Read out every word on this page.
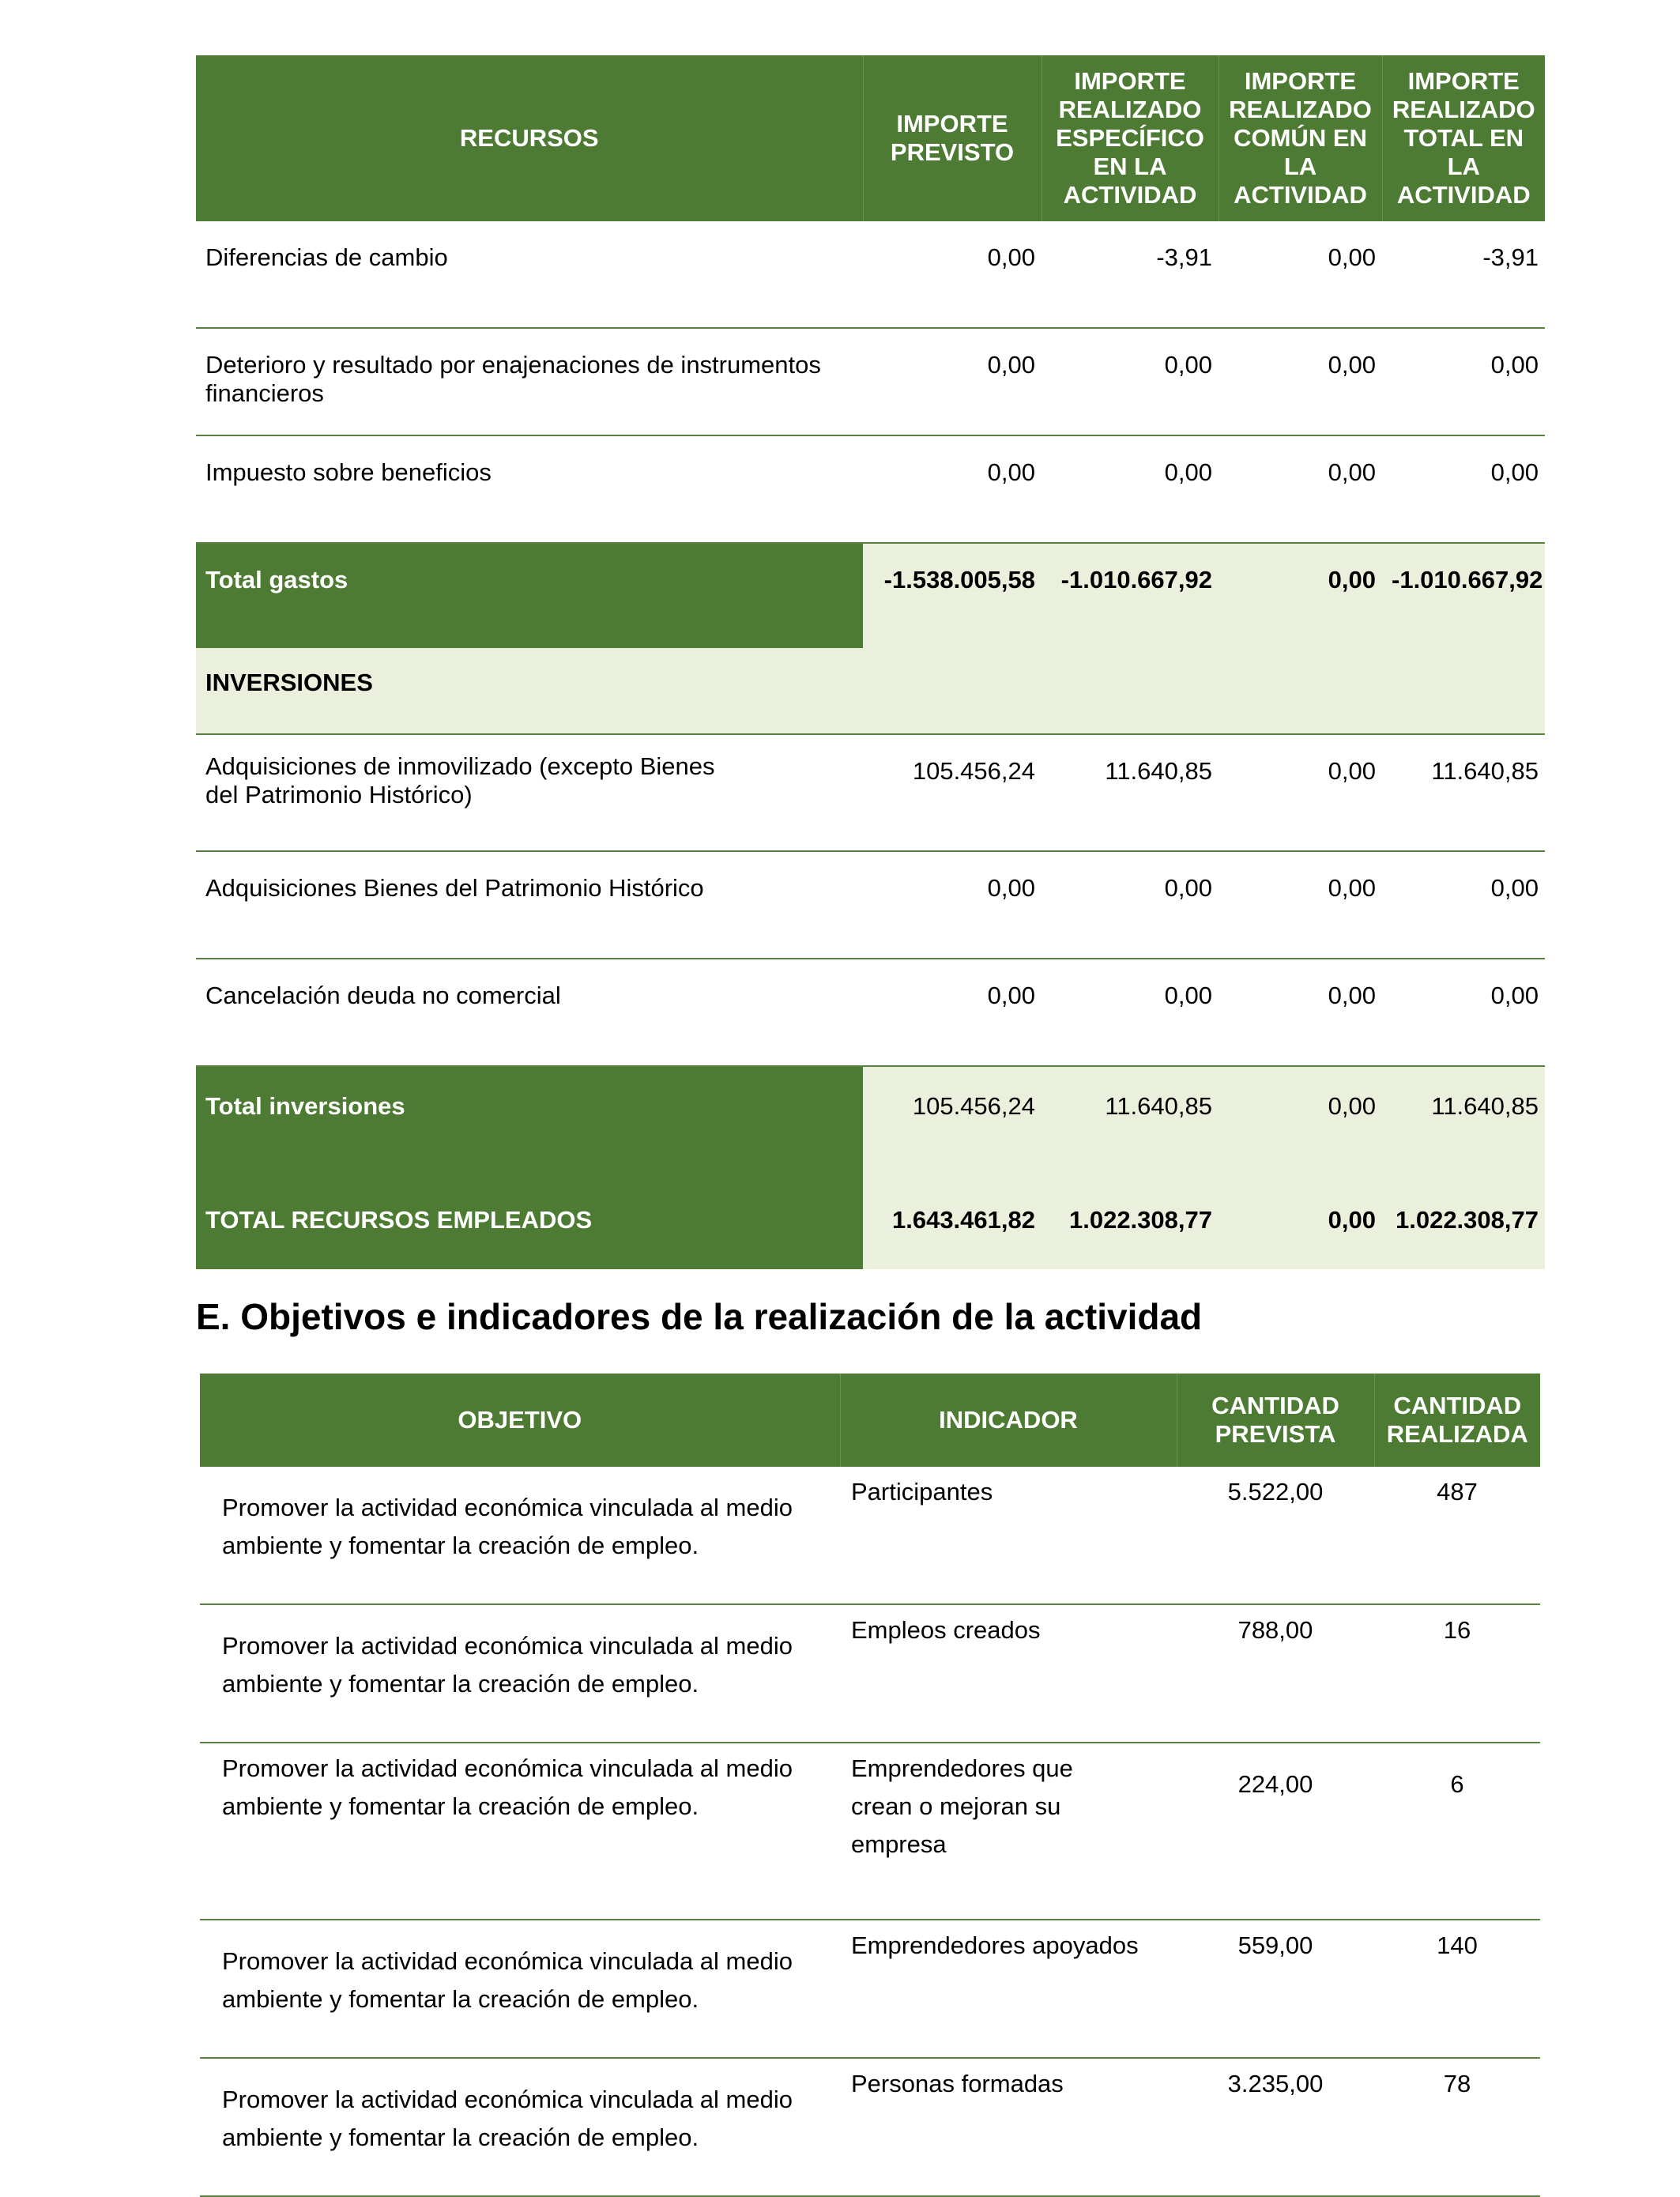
RECURSOS	IMPORTE PREVISTO	IMPORTE REALIZADO ESPECÍFICO EN LA ACTIVIDAD	IMPORTE REALIZADO COMÚN EN LA ACTIVIDAD	IMPORTE REALIZADO TOTAL EN LA ACTIVIDAD
Diferencias de cambio	0,00	-3,91	0,00	-3,91
Deterioro y resultado por enajenaciones de instrumentos financieros	0,00	0,00	0,00	0,00
Impuesto sobre beneficios	0,00	0,00	0,00	0,00
Total gastos	-1.538.005,58	-1.010.667,92	0,00	-1.010.667,92
INVERSIONES				
Adquisiciones de inmovilizado (excepto Bienes del Patrimonio Histórico)	105.456,24	11.640,85	0,00	11.640,85
Adquisiciones Bienes del Patrimonio Histórico	0,00	0,00	0,00	0,00
Cancelación deuda no comercial	0,00	0,00	0,00	0,00
Total inversiones	105.456,24	11.640,85	0,00	11.640,85
TOTAL RECURSOS EMPLEADOS	1.643.461,82	1.022.308,77	0,00	1.022.308,77
E. Objetivos e indicadores de la realización de la actividad
OBJETIVO	INDICADOR	CANTIDAD PREVISTA	CANTIDAD REALIZADA
Promover la actividad económica vinculada al medio ambiente y fomentar la creación de empleo.	Participantes	5.522,00	487
Promover la actividad económica vinculada al medio ambiente y fomentar la creación de empleo.	Empleos creados	788,00	16
Promover la actividad económica vinculada al medio ambiente y fomentar la creación de empleo.	Emprendedores que crean o mejoran su empresa	224,00	6
Promover la actividad económica vinculada al medio ambiente y fomentar la creación de empleo.	Emprendedores apoyados	559,00	140
Promover la actividad económica vinculada al medio ambiente y fomentar la creación de empleo.	Personas formadas	3.235,00	78
